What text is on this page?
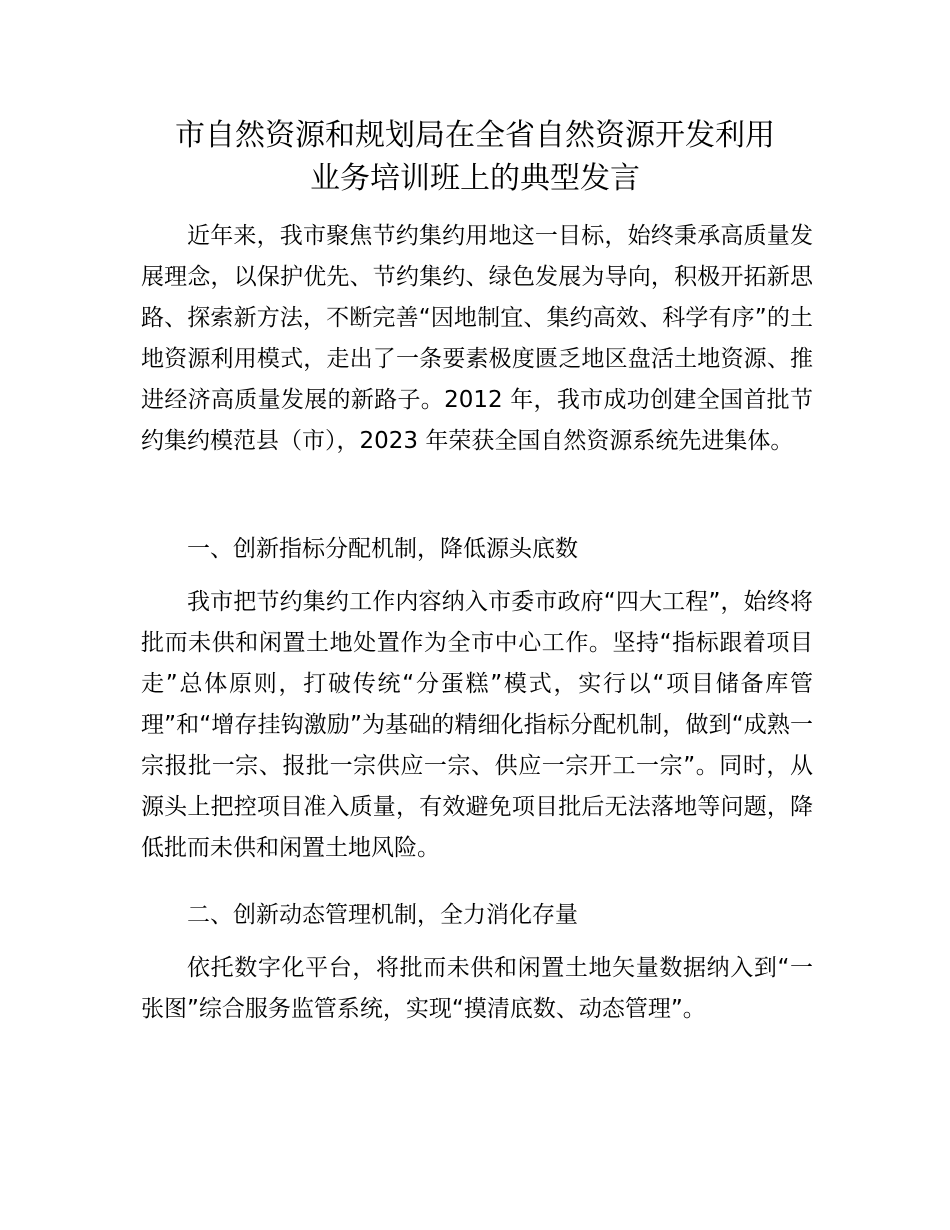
市自然资源和规划局在全省自然资源开发利用
业务培训班上的典型发言

近年来，我市聚焦节约集约用地这一目标，始终秉承高质量发展理念，以保护优先、节约集约、绿色发展为导向，积极开拓新思路、探索新方法，不断完善“因地制宜、集约高效、科学有序”的土地资源利用模式，走出了一条要素极度匮乏地区盘活土地资源、推进经济高质量发展的新路子。2012 年，我市成功创建全国首批节约集约模范县（市），2023 年荣获全国自然资源系统先进集体。

一、创新指标分配机制，降低源头底数

我市把节约集约工作内容纳入市委市政府“四大工程”，始终将批而未供和闲置土地处置作为全市中心工作。坚持“指标跟着项目走”总体原则，打破传统“分蛋糕”模式，实行以“项目储备库管理”和“增存挂钩激励”为基础的精细化指标分配机制，做到“成熟一宗报批一宗、报批一宗供应一宗、供应一宗开工一宗”。同时，从源头上把控项目准入质量，有效避免项目批后无法落地等问题，降低批而未供和闲置土地风险。

二、创新动态管理机制，全力消化存量

依托数字化平台，将批而未供和闲置土地矢量数据纳入到“一张图”综合服务监管系统，实现“摸清底数、动态管理”。
